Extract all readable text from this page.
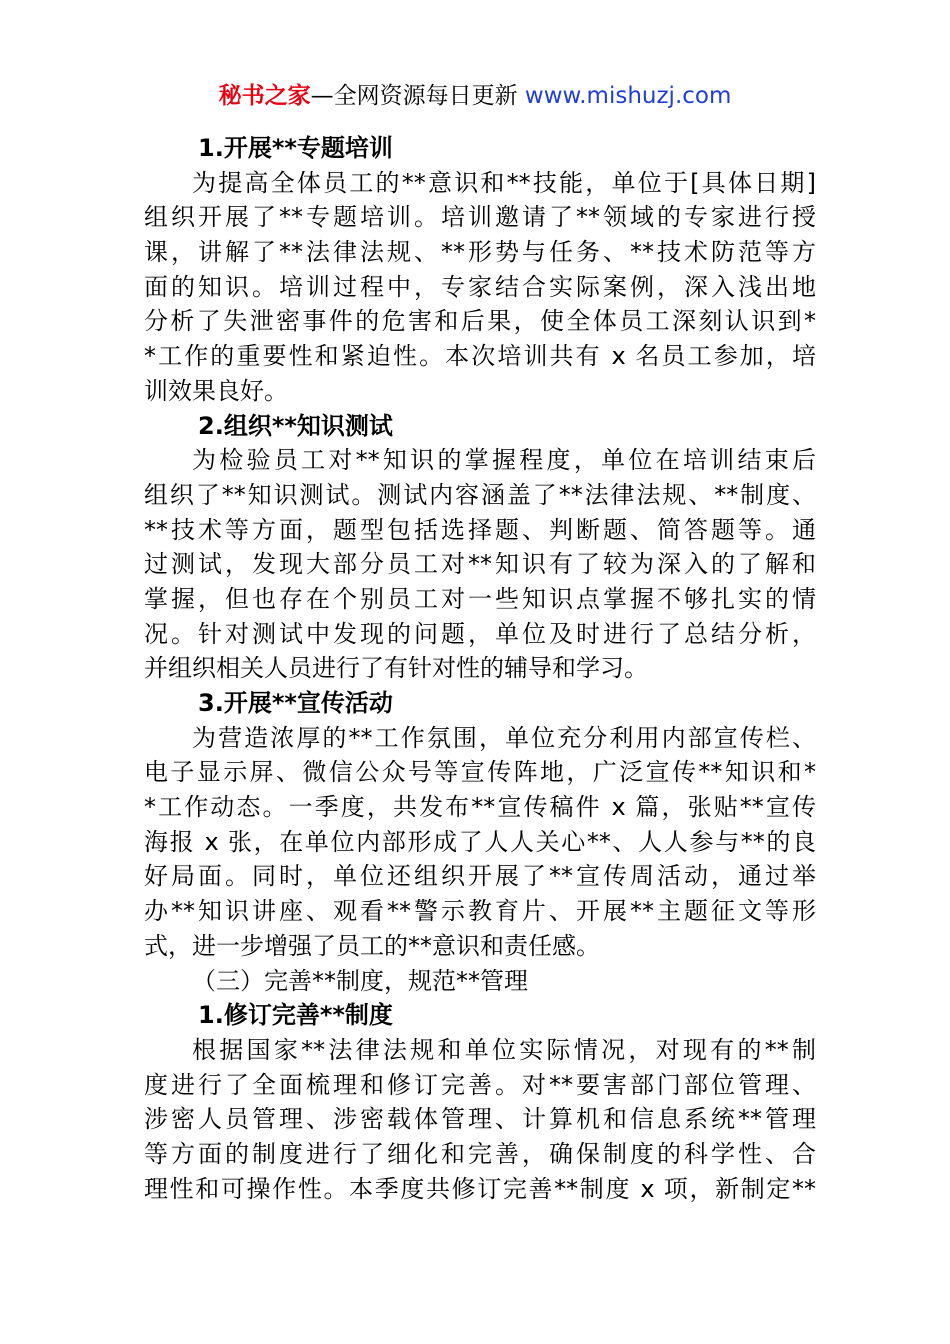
秘书之家—全网资源每日更新 www.mishuzj.com
1.开展**专题培训
为提高全体员工的**意识和**技能，单位于[具体日期]
组织开展了**专题培训。培训邀请了**领域的专家进行授
课，讲解了**法律法规、**形势与任务、**技术防范等方
面的知识。培训过程中，专家结合实际案例，深入浅出地
分析了失泄密事件的危害和后果，使全体员工深刻认识到*
*工作的重要性和紧迫性。本次培训共有 x 名员工参加，培
训效果良好。
2.组织**知识测试
为检验员工对**知识的掌握程度，单位在培训结束后
组织了**知识测试。测试内容涵盖了**法律法规、**制度、
**技术等方面，题型包括选择题、判断题、简答题等。通
过测试，发现大部分员工对**知识有了较为深入的了解和
掌握，但也存在个别员工对一些知识点掌握不够扎实的情
况。针对测试中发现的问题，单位及时进行了总结分析，
并组织相关人员进行了有针对性的辅导和学习。
3.开展**宣传活动
为营造浓厚的**工作氛围，单位充分利用内部宣传栏、
电子显示屏、微信公众号等宣传阵地，广泛宣传**知识和*
*工作动态。一季度，共发布**宣传稿件 x 篇，张贴**宣传
海报 x 张，在单位内部形成了人人关心**、人人参与**的良
好局面。同时，单位还组织开展了**宣传周活动，通过举
办**知识讲座、观看**警示教育片、开展**主题征文等形
式，进一步增强了员工的**意识和责任感。
（三）完善**制度，规范**管理
1.修订完善**制度
根据国家**法律法规和单位实际情况，对现有的**制
度进行了全面梳理和修订完善。对**要害部门部位管理、
涉密人员管理、涉密载体管理、计算机和信息系统**管理
等方面的制度进行了细化和完善，确保制度的科学性、合
理性和可操作性。本季度共修订完善**制度 x 项，新制定**
